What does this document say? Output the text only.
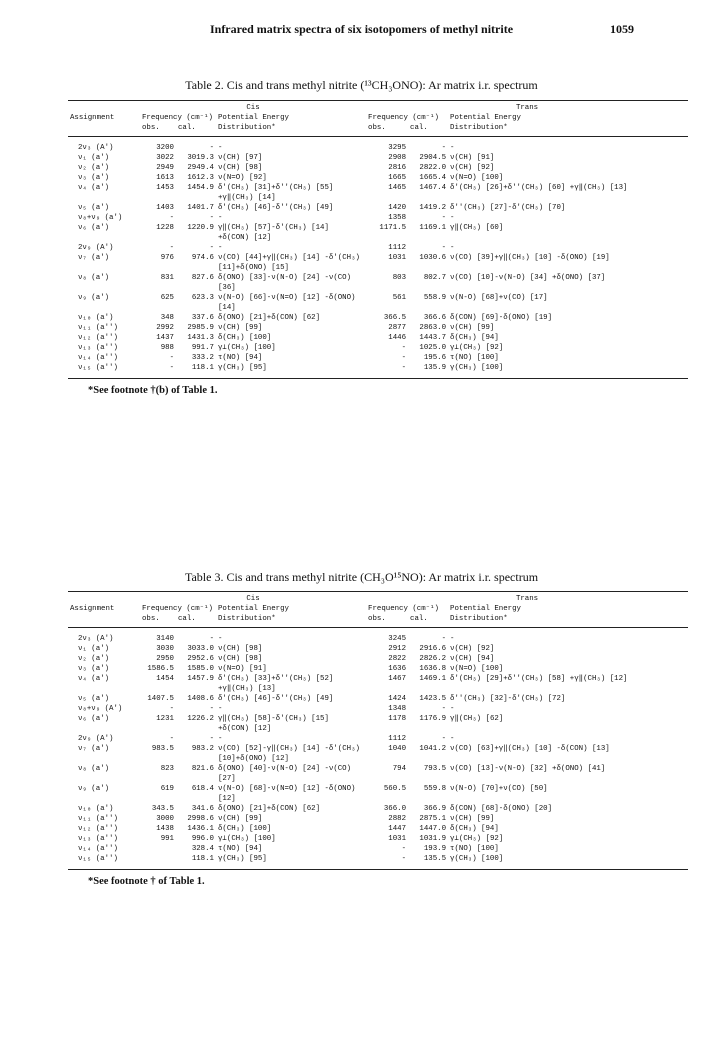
Infrared matrix spectra of six isotopomers of methyl nitrite	1059
Table 2. Cis and trans methyl nitrite (¹³CH₃ONO): Ar matrix i.r. spectrum
	Cis			Trans		
Assignment	Frequency (cm⁻¹)		Potential Energy	Frequency (cm⁻¹)		Potential Energy
	obs.	cal.	Distribution*	obs.	cal.	Distribution*
2ν₃ (A')	3200	-	-	3295	-	-
ν₁ (a')	3022	3019.3	ν(CH) [97]	2908	2904.5	ν(CH) [91]
ν₂ (a')	2949	2949.4	ν(CH) [98]	2816	2822.0	ν(CH) [92]
ν₃ (a')	1613	1612.3	ν(N=O) [92]	1665	1665.4	ν(N=O) [100]
ν₄ (a')	1453	1454.9	δ'(CH₃) [31]+δ''(CH₃) [55] +γ‖(CH₃) [14]	1465	1467.4	δ'(CH₃) [26]+δ''(CH₃) [60] +γ‖(CH₃) [13]
ν₅ (a')	1403	1401.7	δ'(CH₃) [46]-δ''(CH₃) [49]	1420	1419.2	δ''(CH₃) [27]-δ'(CH₃) [70]
ν₈+ν₉ (a')	-	-	-	1358	-	-
ν₆ (a')	1228	1220.9	γ‖(CH₃) [57]-δ'(CH₃) [14] +δ(CON) [12]	1171.5	1169.1	γ‖(CH₃) [60]
2ν₉ (A')	-	-	-	1112	-	-
ν₇ (a')	976	974.6	ν(CO) [44]+γ‖(CH₃) [14] -δ'(CH₃) [11]+δ(ONO) [15]	1031	1030.6	ν(CO) [39]+γ‖(CH₃) [10] -δ(ONO) [19]
ν₈ (a')	831	827.6	δ(ONO) [33]-ν(N-O) [24] -ν(CO) [36]	803	802.7	ν(CO) [10]-ν(N-O) [34] +δ(ONO) [37]
ν₉ (a')	625	623.3	ν(N-O) [66]-ν(N=O) [12] -δ(ONO) [14]	561	558.9	ν(N-O) [68]+ν(CO) [17]
ν₁₀ (a')	348	337.6	δ(ONO) [21]+δ(CON) [62]	366.5	366.6	δ(CON) [69]-δ(ONO) [19]
ν₁₁ (a'')	2992	2985.9	ν(CH) [99]	2877	2863.0	ν(CH) [99]
ν₁₂ (a'')	1437	1431.3	δ(CH₃) [100]	1446	1443.7	δ(CH₃) [94]
ν₁₃ (a'')	988	991.7	γ⊥(CH₃) [100]	-	1025.0	γ⊥(CH₃) [92]
ν₁₄ (a'')	-	333.2	τ(NO) [94]	-	195.6	τ(NO) [100]
ν₁₅ (a'')	-	118.1	γ(CH₃) [95]	-	135.9	γ(CH₃) [100]
*See footnote †(b) of Table 1.
Table 3. Cis and trans methyl nitrite (CH₃O¹⁵NO): Ar matrix i.r. spectrum
	Cis			Trans		
Assignment	Frequency (cm⁻¹)		Potential Energy	Frequency (cm⁻¹)		Potential Energy
	obs.	cal.	Distribution*	obs.	cal.	Distribution*
2ν₃ (A')	3140	-	-	3245	-	-
ν₁ (a')	3030	3033.0	ν(CH) [98]	2912	2916.6	ν(CH) [92]
ν₂ (a')	2950	2952.6	ν(CH) [98]	2822	2826.2	ν(CH) [94]
ν₃ (a')	1586.5	1585.0	ν(N=O) [91]	1636	1636.8	ν(N=O) [100]
ν₄ (a')	1454	1457.9	δ'(CH₃) [33]+δ''(CH₃) [52] +γ‖(CH₃) [13]	1467	1469.1	δ'(CH₃) [29]+δ''(CH₃) [58] +γ‖(CH₃) [12]
ν₅ (a')	1407.5	1408.6	δ'(CH₃) [46]-δ''(CH₃) [49]	1424	1423.5	δ''(CH₃) [32]-δ'(CH₃) [72]
ν₈+ν₉ (A')	-	-	-	1348	-	-
ν₆ (a')	1231	1226.2	γ‖(CH₃) [58]-δ'(CH₃) [15] +δ(CON) [12]	1178	1176.9	γ‖(CH₃) [62]
2ν₉ (A')	-	-	-	1112	-	-
ν₇ (a')	983.5	983.2	ν(CO) [52]-γ‖(CH₃) [14] -δ'(CH₃) [10]+δ(ONO) [12]	1040	1041.2	ν(CO) [63]+γ‖(CH₃) [10] -δ(CON) [13]
ν₈ (a')	823	821.6	δ(ONO) [40]-ν(N-O) [24] -ν(CO) [27]	794	793.5	ν(CO) [13]-ν(N-O) [32] +δ(ONO) [41]
ν₉ (a')	619	618.4	ν(N-O) [68]-ν(N=O) [12] -δ(ONO) [12]	560.5	559.8	ν(N-O) [70]+ν(CO) [50]
ν₁₀ (a')	343.5	341.6	δ(ONO) [21]+δ(CON) [62]	366.0	366.9	δ(CON) [68]-δ(ONO) [20]
ν₁₁ (a'')	3000	2998.6	ν(CH) [99]	2882	2875.1	ν(CH) [99]
ν₁₂ (a'')	1438	1436.1	δ(CH₃) [100]	1447	1447.0	δ(CH₃) [94]
ν₁₃ (a'')	991	996.0	γ⊥(CH₃) [100]	1031	1031.9	γ⊥(CH₃) [92]
ν₁₄ (a'')		328.4	τ(NO) [94]	-	193.9	τ(NO) [100]
ν₁₅ (a'')		118.1	γ(CH₃) [95]	-	135.5	γ(CH₃) [100]
*See footnote † of Table 1.
